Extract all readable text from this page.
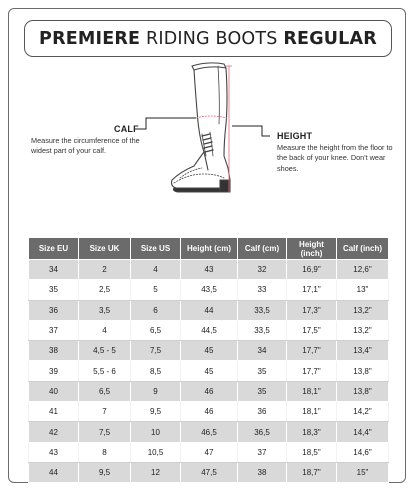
PREMIERE
RIDING BOOTS
REGULAR
CALF
Measure the circumference of the widest part of your calf.
HEIGHT
Measure the height from the floor to the back of your knee. Don't wear shoes.
Size EU	Size UK	Size US	Height (cm)	Calf (cm)	Height (inch)	Calf (inch)
34	2	4	43	32	16,9"	12,6"
35	2,5	5	43,5	33	17,1"	13"
36	3,5	6	44	33,5	17,3"	13,2"
37	4	6,5	44,5	33,5	17,5"	13,2"
38	4,5 - 5	7,5	45	34	17,7"	13,4"
39	5,5 - 6	8,5	45	35	17,7"	13,8"
40	6,5	9	46	35	18,1"	13,8"
41	7	9,5	46	36	18,1"	14,2"
42	7,5	10	46,5	36,5	18,3"	14,4"
43	8	10,5	47	37	18,5"	14,6"
44	9,5	12	47,5	38	18,7"	15"
